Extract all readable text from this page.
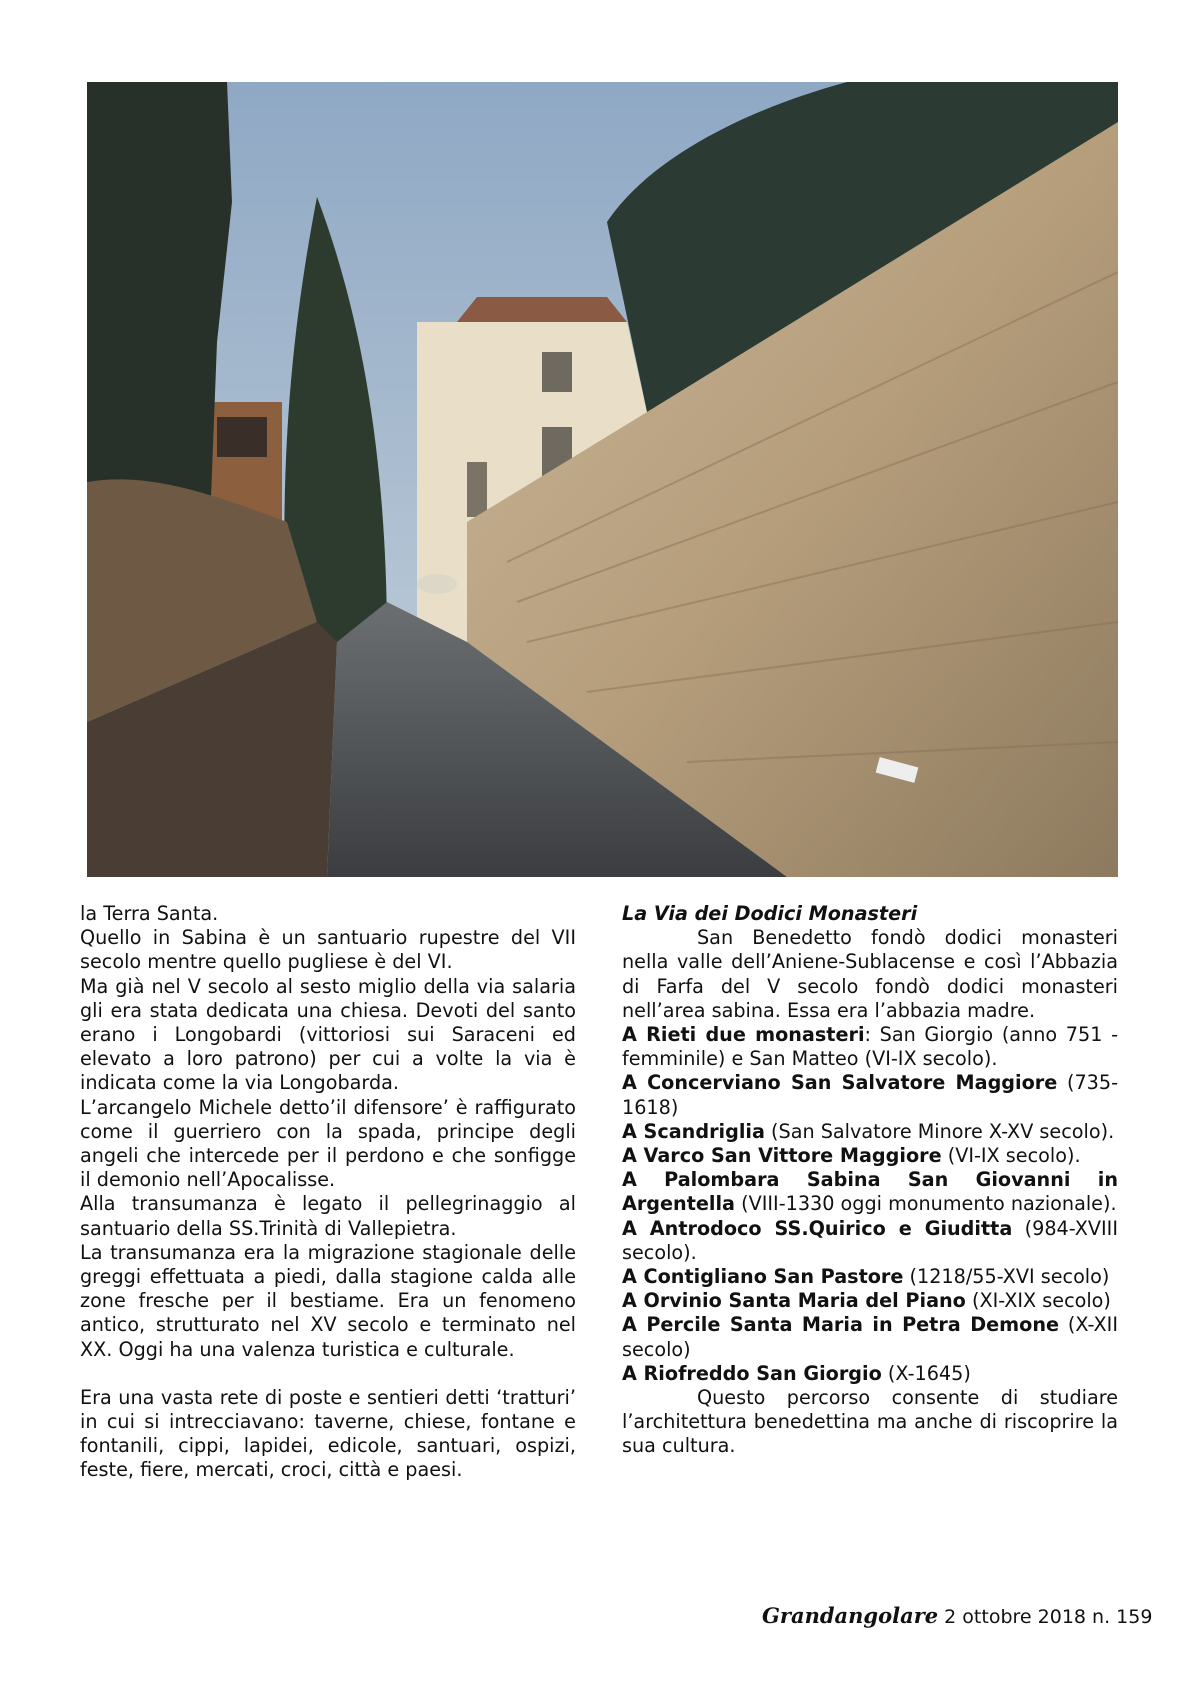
la Terra Santa.

Quello in Sabina è un santuario rupestre del VII secolo mentre quello pugliese è del VI.

Ma già nel V secolo al sesto miglio della via salaria gli era stata dedicata una chiesa. Devoti del santo erano i Longobardi (vittoriosi sui Saraceni ed elevato a loro patrono) per cui a volte la via è indicata come la via Longobarda.

L’arcangelo Michele detto’il difensore’ è raffigurato come il guerriero con la spada, principe degli angeli che intercede per il perdono e che sonfigge il demonio nell’Apocalisse.

Alla transumanza è legato il pellegrinaggio al santuario della SS.Trinità di Vallepietra.

La transumanza era la migrazione stagionale delle greggi effettuata a piedi, dalla stagione calda alle zone fresche per il bestiame. Era un fenomeno antico, strutturato nel XV secolo e terminato nel XX. Oggi ha una valenza turistica e culturale.

Era una vasta rete di poste e sentieri detti ‘tratturi’ in cui si intrecciavano: taverne, chiese, fontane e fontanili, cippi, lapidei, edicole, santuari, ospizi, feste, fiere, mercati, croci, città e paesi.

La Via dei Dodici Monasteri

San Benedetto fondò dodici monasteri nella valle dell’Aniene-Sublacense e così l’Abbazia di Farfa del V secolo fondò dodici monasteri nell’area sabina. Essa era l’abbazia madre.

A Rieti due monasteri: San Giorgio (anno 751 - femminile) e San Matteo (VI-IX secolo).

A Concerviano San Salvatore Maggiore (735-1618)

A Scandriglia (San Salvatore Minore X-XV secolo).

A Varco San Vittore Maggiore (VI-IX secolo).

A Palombara Sabina San Giovanni in Argentella (VIII-1330 oggi monumento nazionale).

A Antrodoco SS.Quirico e Giuditta (984-XVIII secolo).

A Contigliano San Pastore (1218/55-XVI secolo)

A Orvinio Santa Maria del Piano (XI-XIX secolo)

A Percile Santa Maria in Petra Demone (X-XII secolo)

A Riofreddo San Giorgio (X-1645)

Questo percorso consente di studiare l’architettura benedettina ma anche di riscoprire la sua cultura.

Grandangolare 2 ottobre 2018 n. 159
